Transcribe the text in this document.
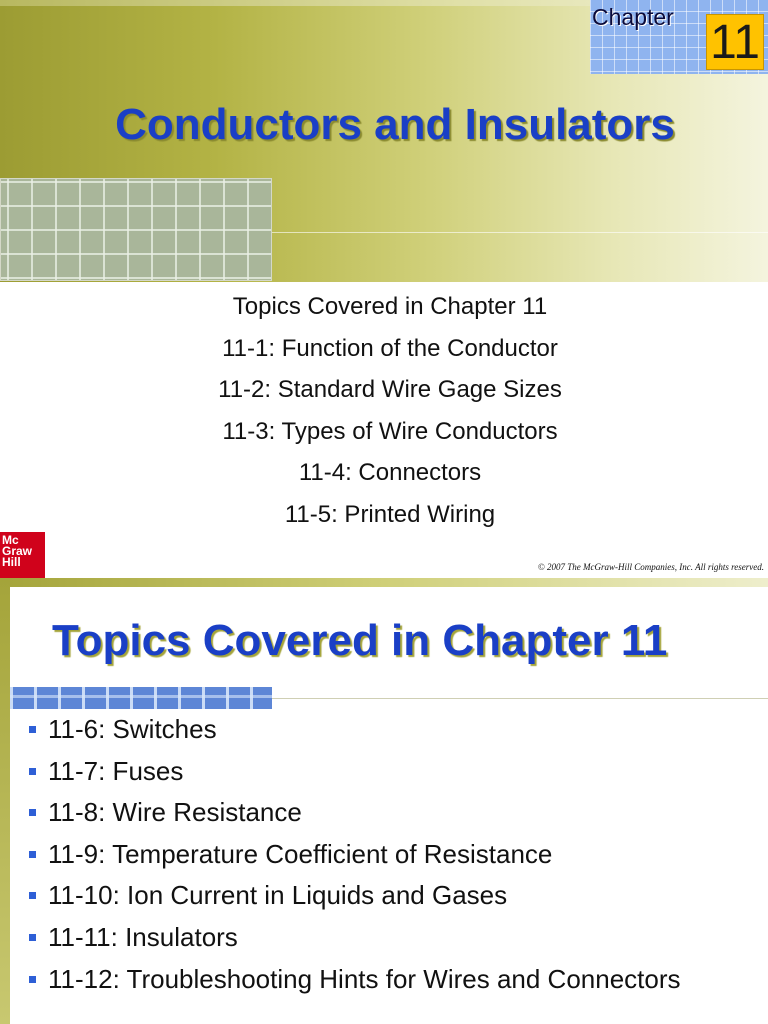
Chapter 11
Conductors and Insulators
Topics Covered in Chapter 11
11-1: Function of the Conductor
11-2: Standard Wire Gage Sizes
11-3: Types of Wire Conductors
11-4: Connectors
11-5: Printed Wiring
Mc
Graw
Hill	© 2007 The McGraw-Hill Companies, Inc. All rights reserved.
Topics Covered in Chapter 11
11-6: Switches
11-7: Fuses
11-8: Wire Resistance
11-9: Temperature Coefficient of Resistance
11-10: Ion Current in Liquids and Gases
11-11: Insulators
11-12: Troubleshooting Hints for Wires and Connectors
